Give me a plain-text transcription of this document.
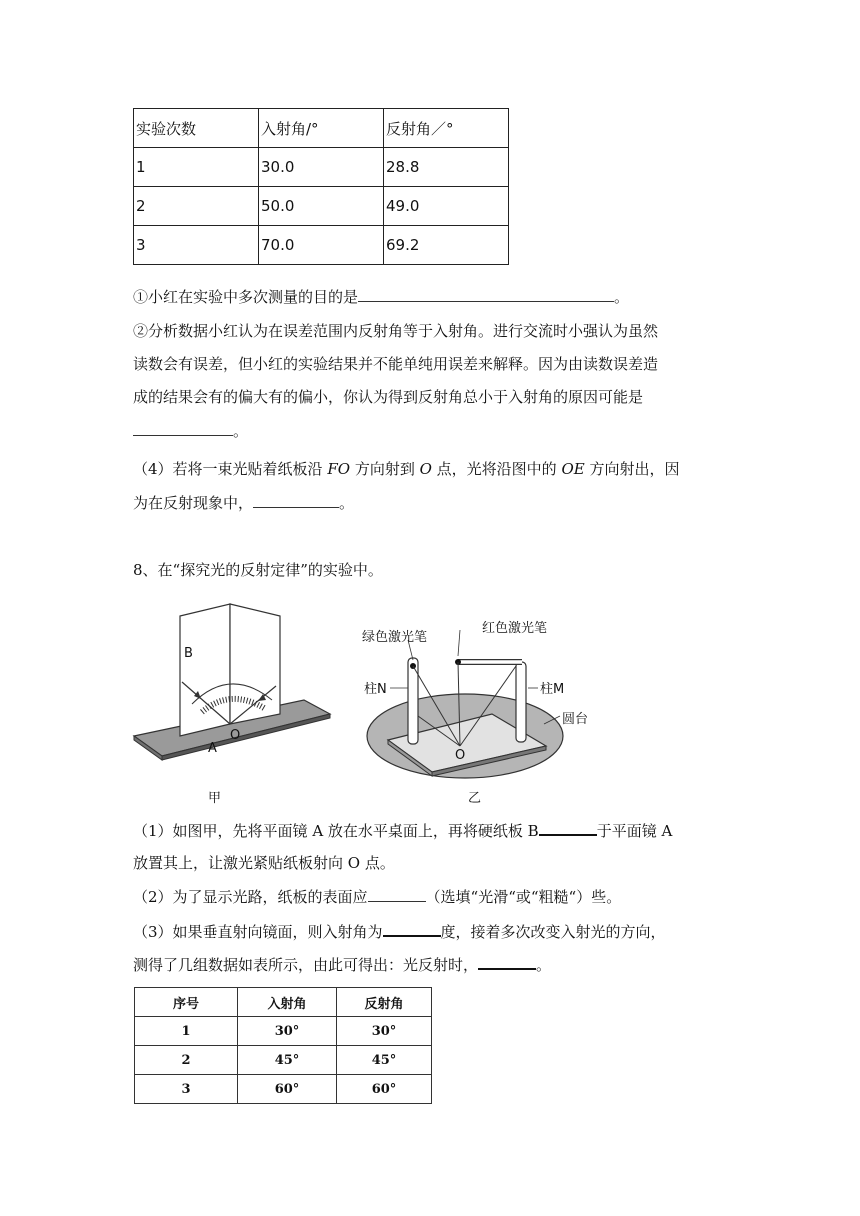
实验次数	入射角/°	反射角／°
1	30.0	28.8
2	50.0	49.0
3	70.0	69.2
①小红在实验中多次测量的目的是	。
②分析数据小红认为在误差范围内反射角等于入射角。进行交流时小强认为虽然
读数会有误差，但小红的实验结果并不能单纯用误差来解释。因为由读数误差造
成的结果会有的偏大有的偏小，你认为得到反射角总小于入射角的原因可能是
。
（4）若将一束光贴着纸板沿 FO 方向射到 O 点，光将沿图中的 OE 方向射出，因
为在反射现象中，	。
8、在“探究光的反射定律”的实验中。
B
A
O
甲
绿色激光笔
红色激光笔
柱N	柱M
圆台
O
乙
（1）如图甲，先将平面镜 A 放在水平桌面上，再将硬纸板 B	于平面镜 A
放置其上，让激光紧贴纸板射向 O 点。
（2）为了显示光路，纸板的表面应	（选填“光滑“或“粗糙“）些。
（3）如果垂直射向镜面，则入射角为	度，接着多次改变入射光的方向，
测得了几组数据如表所示，由此可得出：光反射时，	。
序号	入射角	反射角
1	30°	30°
2	45°	45°
3	60°	60°
